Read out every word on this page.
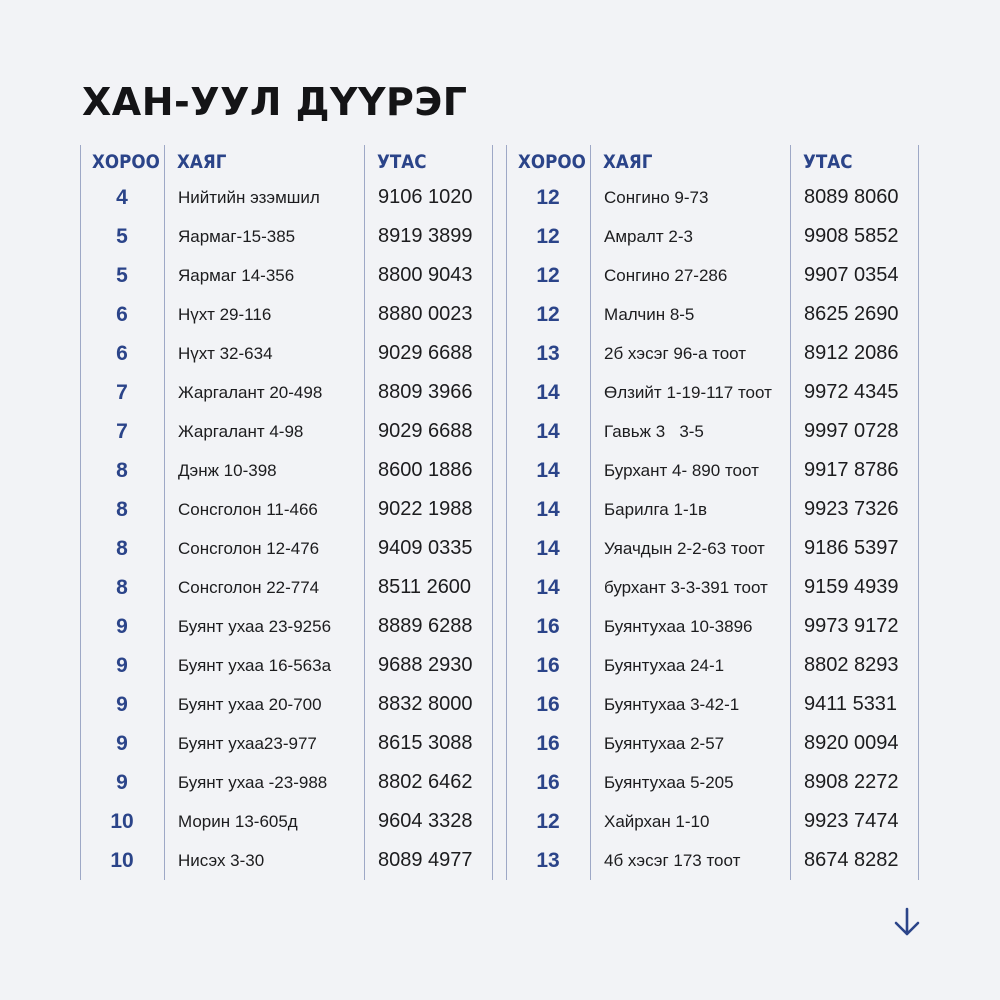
ХАН-УУЛ ДҮҮРЭГ
ХОРОО ХАЯГ	УТАС
4	Нийтийн эзэмшил	9106 1020
5	Яармаг-15-385	8919 3899
5	Яармаг 14-356	8800 9043
6	Нүхт 29-116	8880 0023
6	Нүхт 32-634	9029 6688
7	Жаргалант 20-498	8809 3966
7	Жаргалант 4-98	9029 6688
8	Дэнж 10-398	8600 1886
8	Сонсголон 11-466	9022 1988
8	Сонсголон 12-476	9409 0335
8	Сонсголон 22-774	8511 2600
9	Буянт ухаа 23-9256 8889 6288
9	Буянт ухаа 16-563а 9688 2930
9	Буянт ухаа 20-700	8832 8000
9	Буянт ухаа23-977	8615 3088
9	Буянт ухаа -23-988	8802 6462
10	Морин 13-605д	9604 3328
10	Нисэх 3-30	8089 4977
ХОРОО ХАЯГ	УТАС
12	Сонгино 9-73	8089 8060
12	Амралт 2-3	9908 5852
12	Сонгино 27-286	9907 0354
12	Малчин 8-5	8625 2690
13	2б хэсэг 96-а тоот	8912 2086
14	Өлзийт 1-19-117 тоот 9972 4345
14	Гавьж 3   3-5	9997 0728
14	Бурхант 4- 890 тоот 9917 8786
14	Барилга 1-1в	9923 7326
14	Уяачдын 2-2-63 тоот 9186 5397
14	бурхант 3-3-391 тоот 9159 4939
16	Буянтухаа 10-3896	9973 9172
16	Буянтухаа 24-1	8802 8293
16	Буянтухаа 3-42-1	9411 5331
16	Буянтухаа 2-57	8920 0094
16	Буянтухаа 5-205	8908 2272
12	Хайрхан 1-10	9923 7474
13	4б хэсэг 173 тоот	8674 8282
